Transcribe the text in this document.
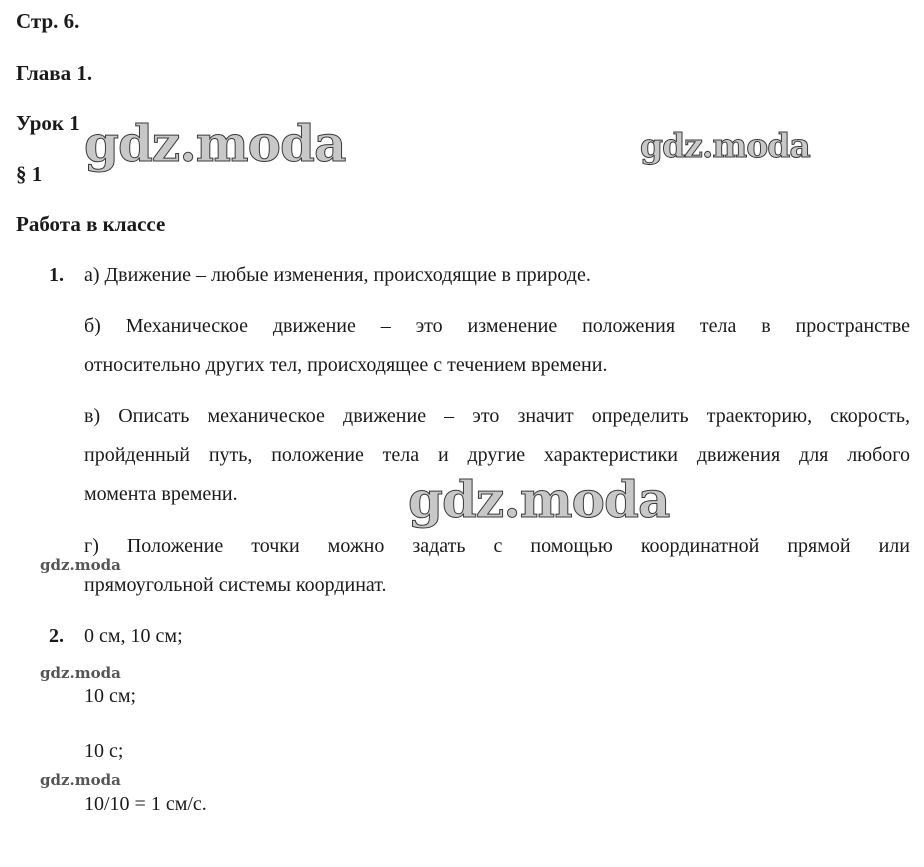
Стр. 6.
Глава 1.
Урок 1
§ 1
Работа в классе
1. а) Движение – любые изменения, происходящие в природе.
б) Механическое движение – это изменение положения тела в пространстве
относительно других тел, происходящее с течением времени.
в) Описать механическое движение – это значит определить траекторию, скорость,
пройденный путь, положение тела и другие характеристики движения для любого
момента времени.
г) Положение точки можно задать с помощью координатной прямой или
прямоугольной системы координат.
2. 0 см, 10 см;
10 см;
10 с;
10/10 = 1 см/с.
gdz.moda	gdz.moda
gdz.moda
gdz.moda
gdz.moda
gdz.moda
